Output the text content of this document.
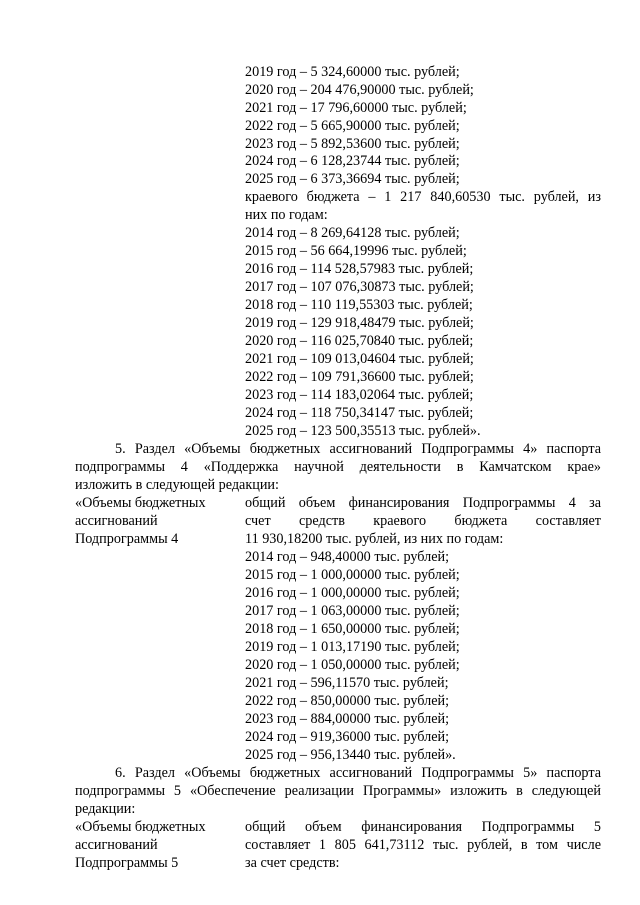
2019 год – 5 324,60000 тыс. рублей;
2020 год – 204 476,90000 тыс. рублей;
2021 год – 17 796,60000 тыс. рублей;
2022 год – 5 665,90000 тыс. рублей;
2023 год – 5 892,53600 тыс. рублей;
2024 год – 6 128,23744 тыс. рублей;
2025 год – 6 373,36694 тыс. рублей;
краевого бюджета – 1 217 840,60530 тыс. рублей, из
них по годам:
2014 год – 8 269,64128 тыс. рублей;
2015 год – 56 664,19996 тыс. рублей;
2016 год – 114 528,57983 тыс. рублей;
2017 год – 107 076,30873 тыс. рублей;
2018 год – 110 119,55303 тыс. рублей;
2019 год – 129 918,48479 тыс. рублей;
2020 год – 116 025,70840 тыс. рублей;
2021 год – 109 013,04604 тыс. рублей;
2022 год – 109 791,36600 тыс. рублей;
2023 год – 114 183,02064 тыс. рублей;
2024 год – 118 750,34147 тыс. рублей;
2025 год – 123 500,35513 тыс. рублей».
5. Раздел «Объемы бюджетных ассигнований Подпрограммы 4» паспорта
подпрограммы 4 «Поддержка научной деятельности в Камчатском крае»
изложить в следующей редакции:
«Объемы бюджетных
ассигнований
Подпрограммы 4
общий объем финансирования Подпрограммы 4 за
счет средств краевого бюджета составляет
11 930,18200 тыс. рублей, из них по годам:
2014 год – 948,40000 тыс. рублей;
2015 год – 1 000,00000 тыс. рублей;
2016 год – 1 000,00000 тыс. рублей;
2017 год – 1 063,00000 тыс. рублей;
2018 год – 1 650,00000 тыс. рублей;
2019 год – 1 013,17190 тыс. рублей;
2020 год – 1 050,00000 тыс. рублей;
2021 год – 596,11570 тыс. рублей;
2022 год – 850,00000 тыс. рублей;
2023 год – 884,00000 тыс. рублей;
2024 год – 919,36000 тыс. рублей;
2025 год – 956,13440 тыс. рублей».
6. Раздел «Объемы бюджетных ассигнований Подпрограммы 5» паспорта
подпрограммы 5 «Обеспечение реализации Программы» изложить в следующей
редакции:
«Объемы бюджетных
ассигнований
Подпрограммы 5
общий объем финансирования Подпрограммы 5
составляет 1 805 641,73112 тыс. рублей, в том числе
за счет средств:
